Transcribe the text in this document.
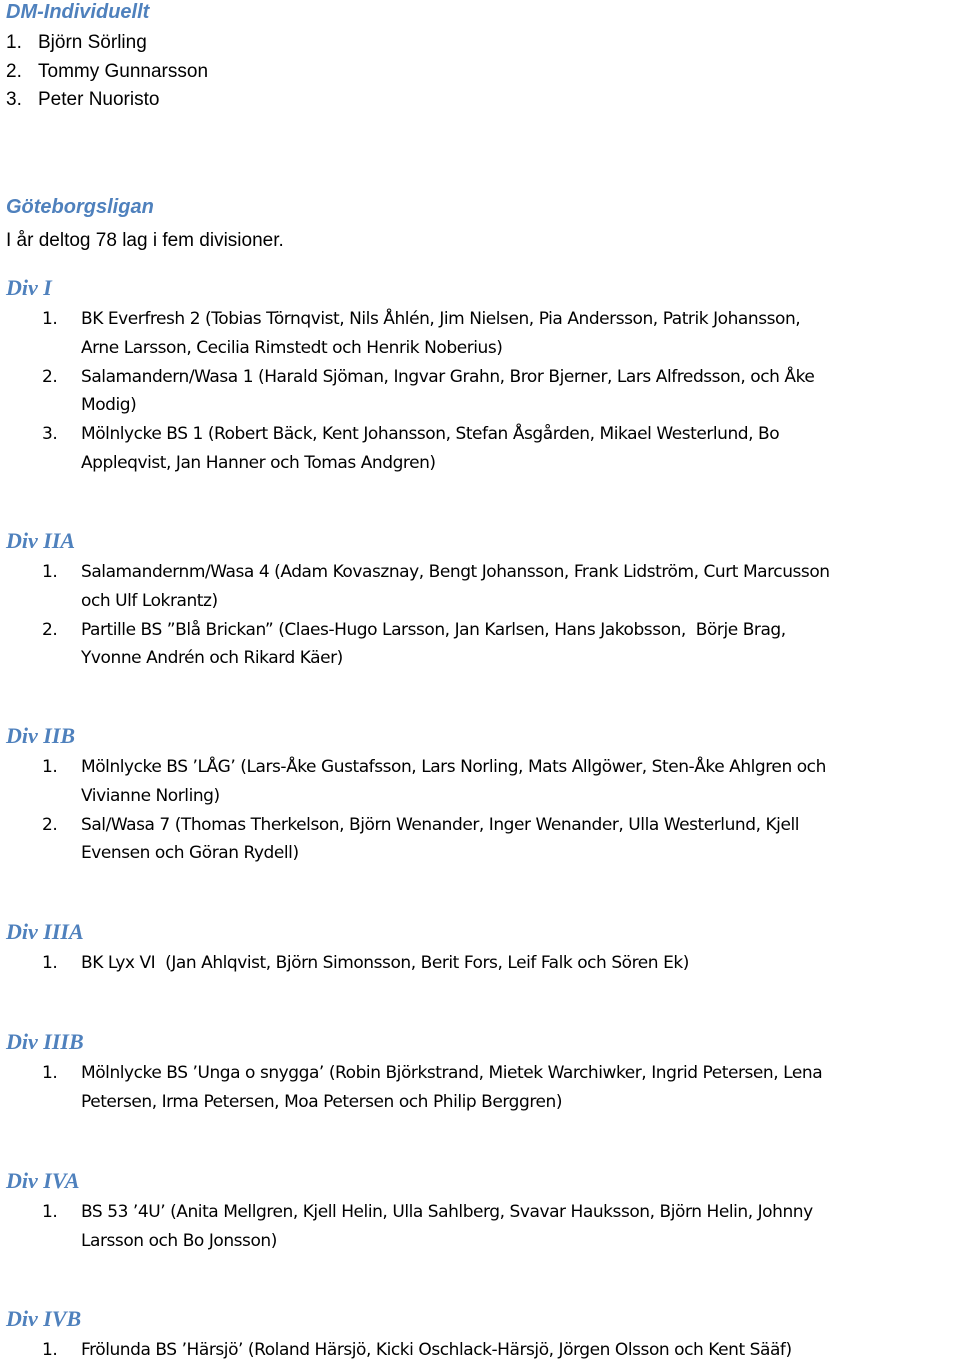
DM-Individuellt
1. Björn Sörling
2. Tommy Gunnarsson
3. Peter Nuoristo
Göteborgsligan

I år deltog 78 lag i fem divisioner.

Div I
1. BK Everfresh 2 (Tobias Törnqvist, Nils Åhlén, Jim Nielsen, Pia Andersson, Patrik Johansson,
Arne Larsson, Cecilia Rimstedt och Henrik Noberius)
2. Salamandern/Wasa 1 (Harald Sjöman, Ingvar Grahn, Bror Bjerner, Lars Alfredsson, och Åke
Modig)
3. Mölnlycke BS 1 (Robert Bäck, Kent Johansson, Stefan Åsgården, Mikael Westerlund, Bo
Appleqvist, Jan Hanner och Tomas Andgren)
Div IIA
1. Salamandernm/Wasa 4 (Adam Kovasznay, Bengt Johansson, Frank Lidström, Curt Marcusson
och Ulf Lokrantz)
2. Partille BS ”Blå Brickan” (Claes-Hugo Larsson, Jan Karlsen, Hans Jakobsson,  Börje Brag,
Yvonne Andrén och Rikard Käer)
Div IIB
1. Mölnlycke BS ’LÅG’ (Lars-Åke Gustafsson, Lars Norling, Mats Allgöwer, Sten-Åke Ahlgren och
Vivianne Norling)
2. Sal/Wasa 7 (Thomas Therkelson, Björn Wenander, Inger Wenander, Ulla Westerlund, Kjell
Evensen och Göran Rydell)
Div IIIA
1. BK Lyx VI  (Jan Ahlqvist, Björn Simonsson, Berit Fors, Leif Falk och Sören Ek)
Div IIIB
1. Mölnlycke BS ’Unga o snygga’ (Robin Björkstrand, Mietek Warchiwker, Ingrid Petersen, Lena
Petersen, Irma Petersen, Moa Petersen och Philip Berggren)
Div IVA
1. BS 53 ’4U’ (Anita Mellgren, Kjell Helin, Ulla Sahlberg, Svavar Hauksson, Björn Helin, Johnny
Larsson och Bo Jonsson)
Div IVB
1. Frölunda BS ’Härsjö’ (Roland Härsjö, Kicki Oschlack-Härsjö, Jörgen Olsson och Kent Sääf)
